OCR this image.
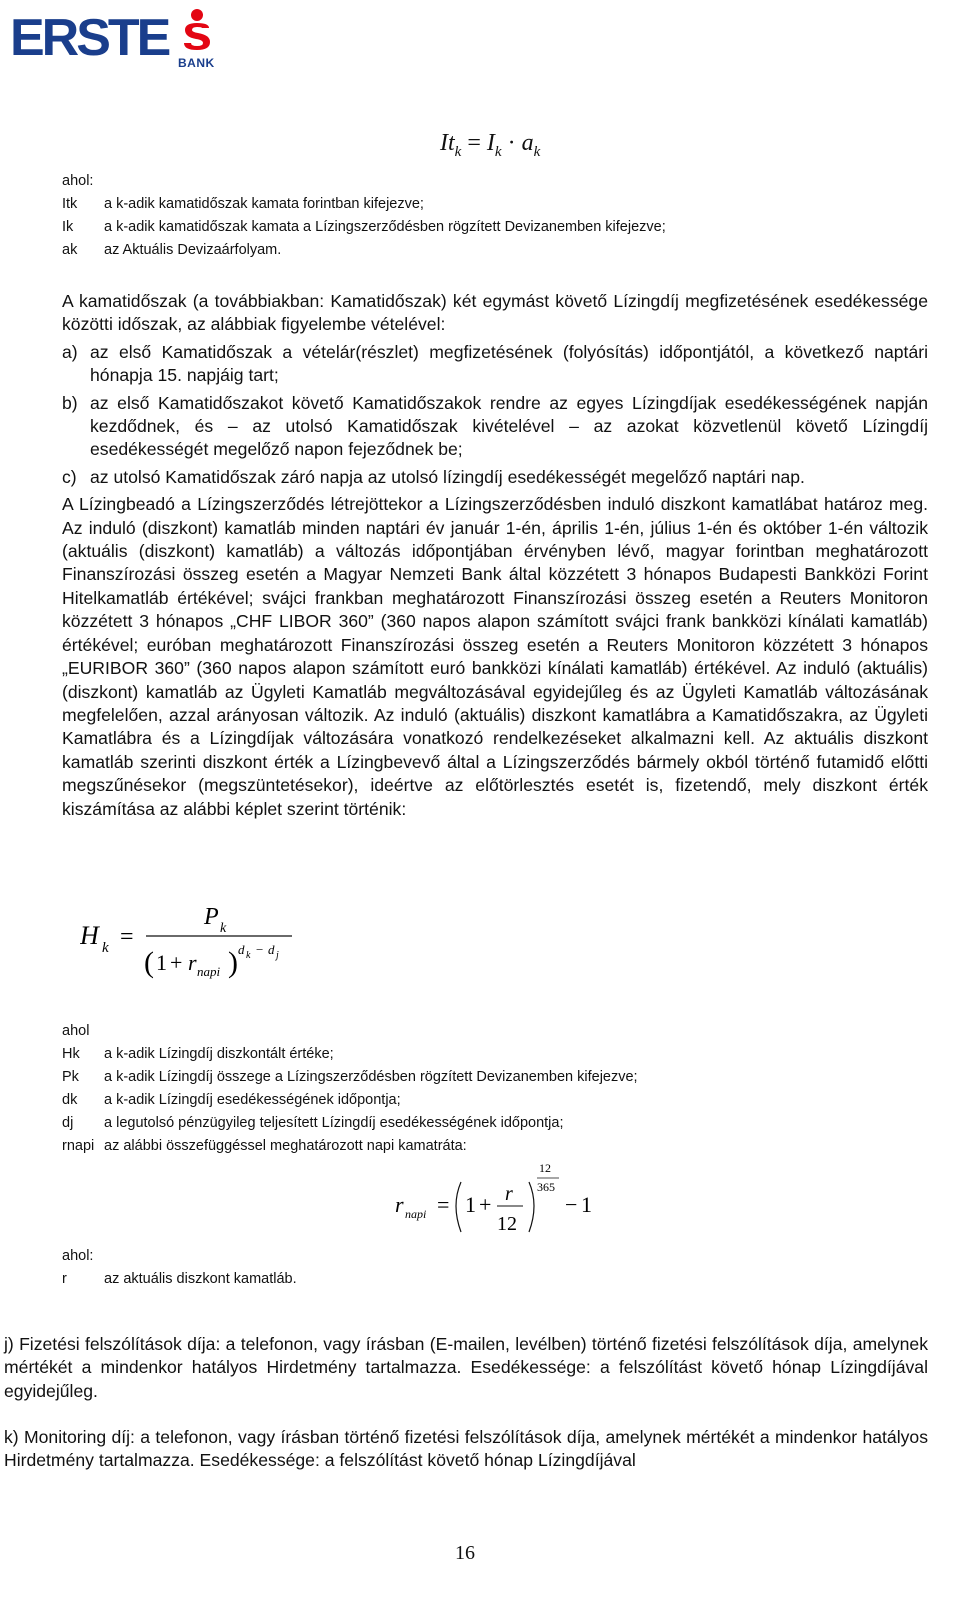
ERSTE BANK
$It_k = I_k \cdot a_k$
ahol:
Itk	a k-adik kamatidőszak kamata forintban kifejezve;
Ik	a k-adik kamatidőszak kamata a Lízingszerződésben rögzített Devizanemben kifejezve;
ak	az Aktuális Devizaárfolyam.

A kamatidőszak (a továbbiakban: Kamatidőszak) két egymást követő Lízingdíj megfizetésének esedékessége közötti időszak, az alábbiak figyelembe vételével:

a) az első Kamatidőszak a vételár(részlet) megfizetésének (folyósítás) időpontjától, a következő naptári hónapja 15. napjáig tart;

b) az első Kamatidőszakot követő Kamatidőszakok rendre az egyes Lízingdíjak esedékességének napján kezdődnek, és – az utolsó Kamatidőszak kivételével – az azokat közvetlenül követő Lízingdíj esedékességét megelőző napon fejeződnek be;

c) az utolsó Kamatidőszak záró napja az utolsó lízingdíj esedékességét megelőző naptári nap.

A Lízingbeadó a Lízingszerződés létrejöttekor a Lízingszerződésben induló diszkont kamatlábat határoz meg. Az induló (diszkont) kamatláb minden naptári év január 1-én, április 1-én, július 1-én és október 1-én változik (aktuális (diszkont) kamatláb) a változás időpontjában érvényben lévő, magyar forintban meghatározott Finanszírozási összeg esetén a Magyar Nemzeti Bank által közzétett 3 hónapos Budapesti Bankközi Forint Hitelkamatláb értékével; svájci frankban meghatározott Finanszírozási összeg esetén a Reuters Monitoron közzétett 3 hónapos „CHF LIBOR 360” (360 napos alapon számított svájci frank bankközi kínálati kamatláb) értékével; euróban meghatározott Finanszírozási összeg esetén a Reuters Monitoron közzétett 3 hónapos „EURIBOR 360” (360 napos alapon számított euró bankközi kínálati kamatláb) értékével. Az induló (aktuális) (diszkont) kamatláb az Ügyleti Kamatláb megváltozásával egyidejűleg és az Ügyleti Kamatláb változásának megfelelően, azzal arányosan változik. Az induló (aktuális) diszkont kamatlábra a Kamatidőszakra, az Ügyleti Kamatlábra és a Lízingdíjak változására vonatkozó rendelkezéseket alkalmazni kell. Az aktuális diszkont kamatláb szerinti diszkont érték a Lízingbevevő által a Lízingszerződés bármely okból történő futamidő előtti megszűnésekor (megszüntetésekor), ideértve az előtörlesztés esetét is, fizetendő, mely diszkont érték kiszámítása az alábbi képlet szerint történik:

H k =
P k
( 1 + r napi ) d k − d j
ahol
Hk	a k-adik Lízingdíj diszkontált értéke;
Pk	a k-adik Lízingdíj összege a Lízingszerződésben rögzített Devizanemben kifejezve;
dk	a k-adik Lízingdíj esedékességének időpontja;
dj	a legutolsó pénzügyileg teljesített Lízingdíj esedékességének időpontja;
rnapi az alábbi összefüggéssel meghatározott napi kamatráta:
r napi = 1 + r
12
12
365
− 1
ahol:
r	az aktuális diszkont kamatláb.

j) Fizetési felszólítások díja: a telefonon, vagy írásban (E-mailen, levélben) történő fizetési felszólítások díja, amelynek mértékét a mindenkor hatályos Hirdetmény tartalmazza. Esedékessége: a felszólítást követő hónap Lízingdíjával egyidejűleg.

k) Monitoring díj: a telefonon, vagy írásban történő fizetési felszólítások díja, amelynek mértékét a mindenkor hatályos Hirdetmény tartalmazza. Esedékessége: a felszólítást követő hónap Lízingdíjával

16
